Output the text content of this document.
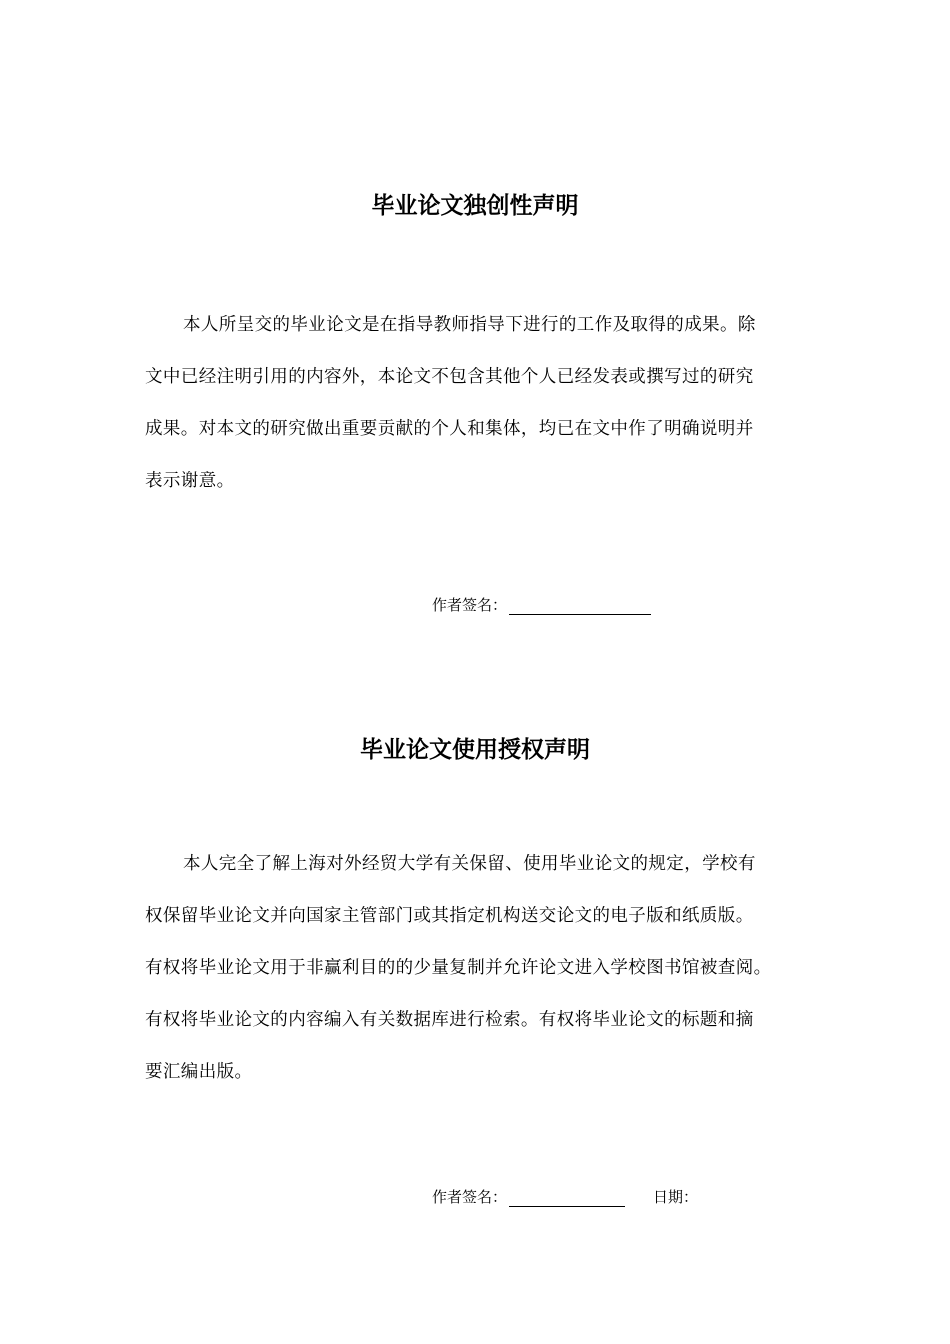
毕业论文独创性声明
本人所呈交的毕业论文是在指导教师指导下进行的工作及取得的成果。除
文中已经注明引用的内容外，本论文不包含其他个人已经发表或撰写过的研究
成果。对本文的研究做出重要贡献的个人和集体，均已在文中作了明确说明并
表示谢意。
作者签名：
毕业论文使用授权声明
本人完全了解上海对外经贸大学有关保留、使用毕业论文的规定，学校有
权保留毕业论文并向国家主管部门或其指定机构送交论文的电子版和纸质版。
有权将毕业论文用于非赢利目的的少量复制并允许论文进入学校图书馆被查阅。
有权将毕业论文的内容编入有关数据库进行检索。有权将毕业论文的标题和摘
要汇编出版。
作者签名：	日期：
